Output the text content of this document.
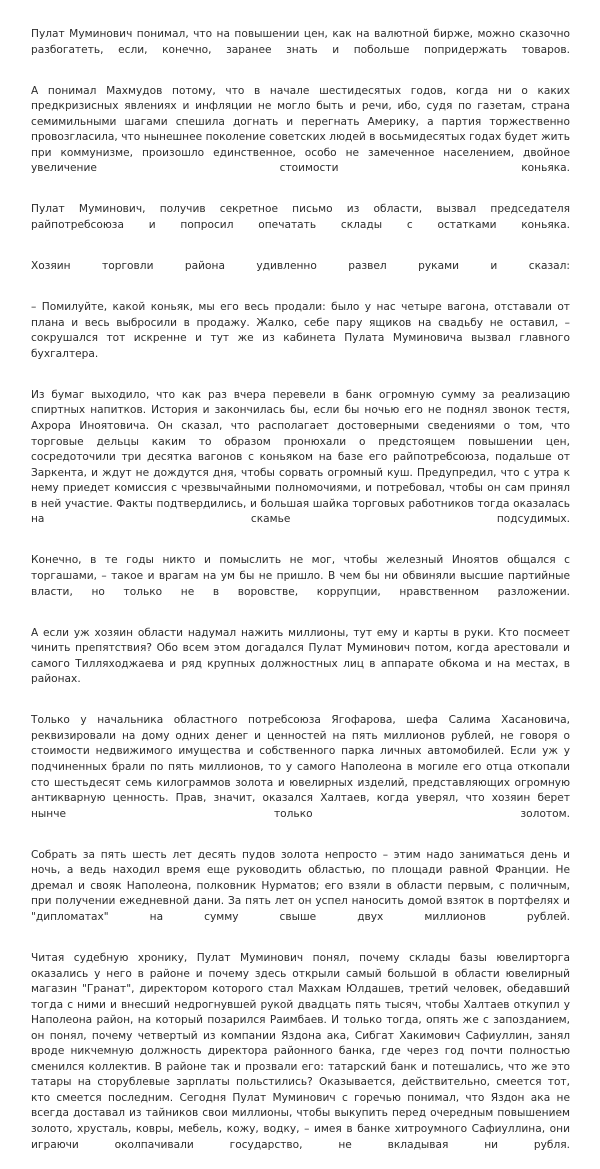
Пулат Муминович понимал, что на повышении цен, как на валютной бирже, можно сказочно разбогатеть, если, конечно, заранее знать и побольше попридержать товаров.

А понимал Махмудов потому, что в начале шестидесятых годов, когда ни о каких предкризисных явлениях и инфляции не могло быть и речи, ибо, судя по газетам, страна семимильными шагами спешила догнать и перегнать Америку, а партия торжественно провозгласила, что нынешнее поколение советских людей в восьмидесятых годах будет жить при коммунизме, произошло единственное, особо не замеченное населением, двойное увеличение стоимости коньяка.

Пулат Муминович, получив секретное письмо из области, вызвал председателя райпотребсоюза и попросил опечатать склады с остатками коньяка.

Хозяин торговли района удивленно развел руками и сказал:

– Помилуйте, какой коньяк, мы его весь продали: было у нас четыре вагона, отставали от плана и весь выбросили в продажу. Жалко, себе пару ящиков на свадьбу не оставил, – сокрушался тот искренне и тут же из кабинета Пулата Муминовича вызвал главного бухгалтера.

Из бумаг выходило, что как раз вчера перевели в банк огромную сумму за реализацию спиртных напитков. История и закончилась бы, если бы ночью его не поднял звонок тестя, Ахрора Иноятовича. Он сказал, что располагает достоверными сведениями о том, что торговые дельцы каким то образом пронюхали о предстоящем повышении цен, сосредоточили три десятка вагонов с коньяком на базе его райпотребсоюза, подальше от Заркента, и ждут не дождутся дня, чтобы сорвать огромный куш. Предупредил, что с утра к нему приедет комиссия с чрезвычайными полномочиями, и потребовал, чтобы он сам принял в ней участие. Факты подтвердились, и большая шайка торговых работников тогда оказалась на скамье подсудимых.

Конечно, в те годы никто и помыслить не мог, чтобы железный Иноятов общался с торгашами, – такое и врагам на ум бы не пришло. В чем бы ни обвиняли высшие партийные власти, но только не в воровстве, коррупции, нравственном разложении.

А если уж хозяин области надумал нажить миллионы, тут ему и карты в руки. Кто посмеет чинить препятствия? Обо всем этом догадался Пулат Муминович потом, когда арестовали и самого Тилляходжаева и ряд крупных должностных лиц в аппарате обкома и на местах, в районах.

Только у начальника областного потребсоюза Ягофарова, шефа Салима Хасановича, реквизировали на дому одних денег и ценностей на пять миллионов рублей, не говоря о стоимости недвижимого имущества и собственного парка личных автомобилей. Если уж у подчиненных брали по пять миллионов, то у самого Наполеона в могиле его отца откопали сто шестьдесят семь килограммов золота и ювелирных изделий, представляющих огромную антикварную ценность. Прав, значит, оказался Халтаев, когда уверял, что хозяин берет нынче только золотом.

Собрать за пять шесть лет десять пудов золота непросто – этим надо заниматься день и ночь, а ведь находил время еще руководить областью, по площади равной Франции. Не дремал и свояк Наполеона, полковник Нурматов; его взяли в области первым, с поличным, при получении ежедневной дани. За пять лет он успел наносить домой взяток в портфелях и "дипломатах" на сумму свыше двух миллионов рублей.

Читая судебную хронику, Пулат Муминович понял, почему склады базы ювелирторга оказались у него в районе и почему здесь открыли самый большой в области ювелирный магазин "Гранат", директором которого стал Махкам Юлдашев, третий человек, обедавший тогда с ними и внесший недрогнувшей рукой двадцать пять тысяч, чтобы Халтаев откупил у Наполеона район, на который позарился Раимбаев. И только тогда, опять же с запозданием, он понял, почему четвертый из компании Яздона ака, Сибгат Хакимович Сафиуллин, занял вроде никчемную должность директора районного банка, где через год почти полностью сменился коллектив. В районе так и прозвали его: татарский банк и потешались, что же это татары на сторублевые зарплаты польстились? Оказывается, действительно, смеется тот, кто смеется последним. Сегодня Пулат Муминович с горечью понимал, что Яздон ака не всегда доставал из тайников свои миллионы, чтобы выкупить перед очередным повышением золото, хрусталь, ковры, мебель, кожу, водку, – имея в банке хитроумного Сафиуллина, они играючи околпачивали государство, не вкладывая ни рубля.
